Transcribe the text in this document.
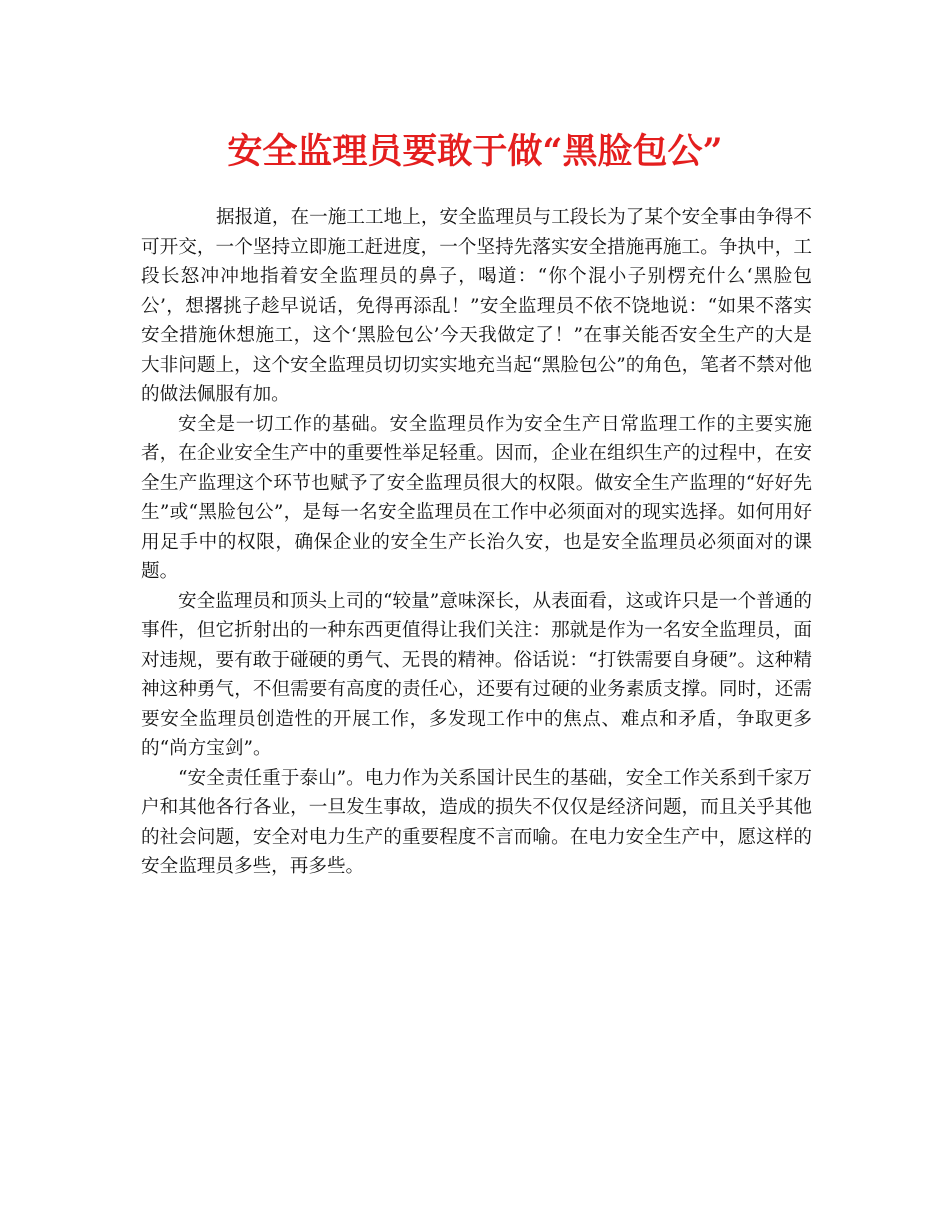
安全监理员要敢于做“黑脸包公”

据报道，在一施工工地上，安全监理员与工段长为了某个安全事由争得不可开交，一个坚持立即施工赶进度，一个坚持先落实安全措施再施工。争执中，工段长怒冲冲地指着安全监理员的鼻子，喝道：“你个混小子别楞充什么‘黑脸包公’，想撂挑子趁早说话，免得再添乱！”安全监理员不依不饶地说：“如果不落实安全措施休想施工，这个‘黑脸包公’今天我做定了！”在事关能否安全生产的大是大非问题上，这个安全监理员切切实实地充当起“黑脸包公”的角色，笔者不禁对他的做法佩服有加。

安全是一切工作的基础。安全监理员作为安全生产日常监理工作的主要实施者，在企业安全生产中的重要性举足轻重。因而，企业在组织生产的过程中，在安全生产监理这个环节也赋予了安全监理员很大的权限。做安全生产监理的“好好先生”或“黑脸包公”，是每一名安全监理员在工作中必须面对的现实选择。如何用好用足手中的权限，确保企业的安全生产长治久安，也是安全监理员必须面对的课题。

安全监理员和顶头上司的“较量”意味深长，从表面看，这或许只是一个普通的事件，但它折射出的一种东西更值得让我们关注：那就是作为一名安全监理员，面对违规，要有敢于碰硬的勇气、无畏的精神。俗话说：“打铁需要自身硬”。这种精神这种勇气，不但需要有高度的责任心，还要有过硬的业务素质支撑。同时，还需要安全监理员创造性的开展工作，多发现工作中的焦点、难点和矛盾，争取更多的“尚方宝剑”。

“安全责任重于泰山”。电力作为关系国计民生的基础，安全工作关系到千家万户和其他各行各业，一旦发生事故，造成的损失不仅仅是经济问题，而且关乎其他的社会问题，安全对电力生产的重要程度不言而喻。在电力安全生产中，愿这样的安全监理员多些，再多些。
